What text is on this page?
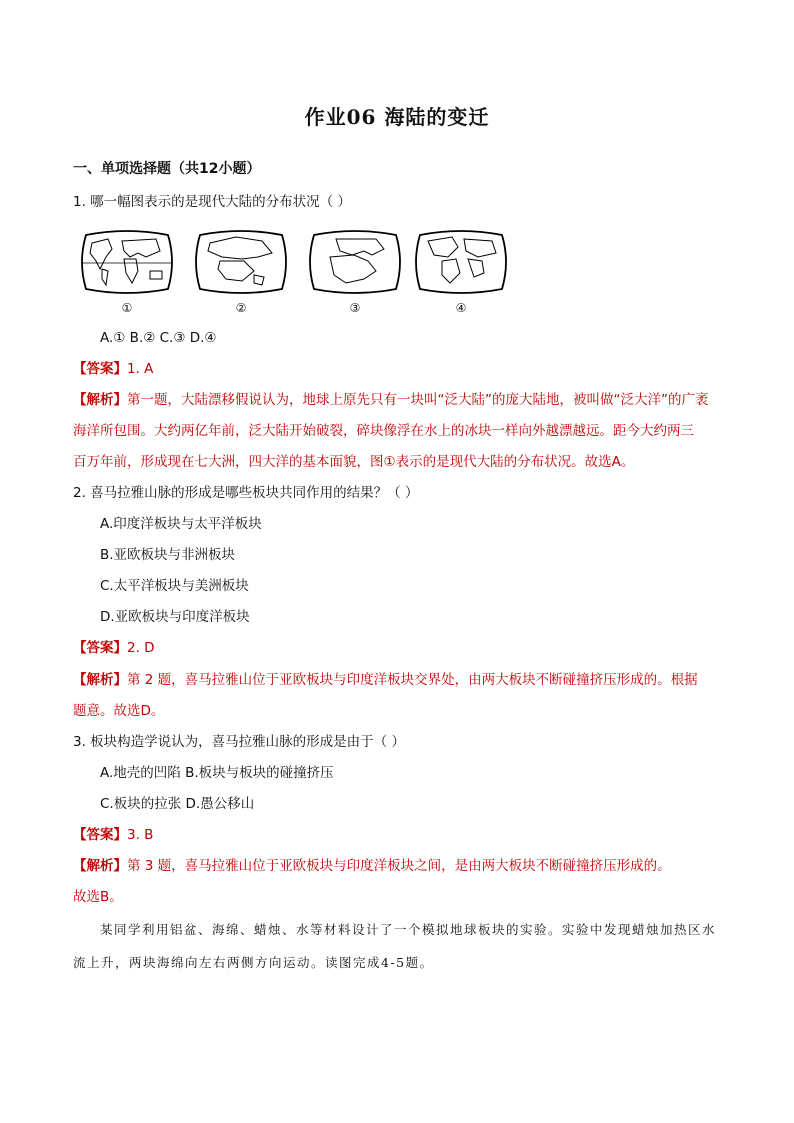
作业06 海陆的变迁
一、单项选择题（共12小题）
1. 哪一幅图表示的是现代大陆的分布状况（ ）
①	②	③	④
A.① B.② C.③ D.④
【答案】1. A
【解析】第一题，大陆漂移假说认为，地球上原先只有一块叫“泛大陆”的庞大陆地，被叫做“泛大洋”的广袤
海洋所包围。大约两亿年前，泛大陆开始破裂，碎块像浮在水上的冰块一样向外越漂越远。距今大约两三
百万年前，形成现在七大洲，四大洋的基本面貌，图①表示的是现代大陆的分布状况。故选A。
2. 喜马拉雅山脉的形成是哪些板块共同作用的结果？（ ）
A.印度洋板块与太平洋板块
B.亚欧板块与非洲板块
C.太平洋板块与美洲板块
D.亚欧板块与印度洋板块
【答案】2. D
【解析】第 2 题，喜马拉雅山位于亚欧板块与印度洋板块交界处，由两大板块不断碰撞挤压形成的。根据
题意。故选D。
3. 板块构造学说认为，喜马拉雅山脉的形成是由于（ ）
A.地壳的凹陷 B.板块与板块的碰撞挤压
C.板块的拉张 D.愚公移山
【答案】3. B
【解析】第 3 题，喜马拉雅山位于亚欧板块与印度洋板块之间，是由两大板块不断碰撞挤压形成的。
故选B。
某同学利用铝盆、海绵、蜡烛、水等材料设计了一个模拟地球板块的实验。实验中发现蜡烛加热区水
流上升，两块海绵向左右两侧方向运动。读图完成4-5题。
